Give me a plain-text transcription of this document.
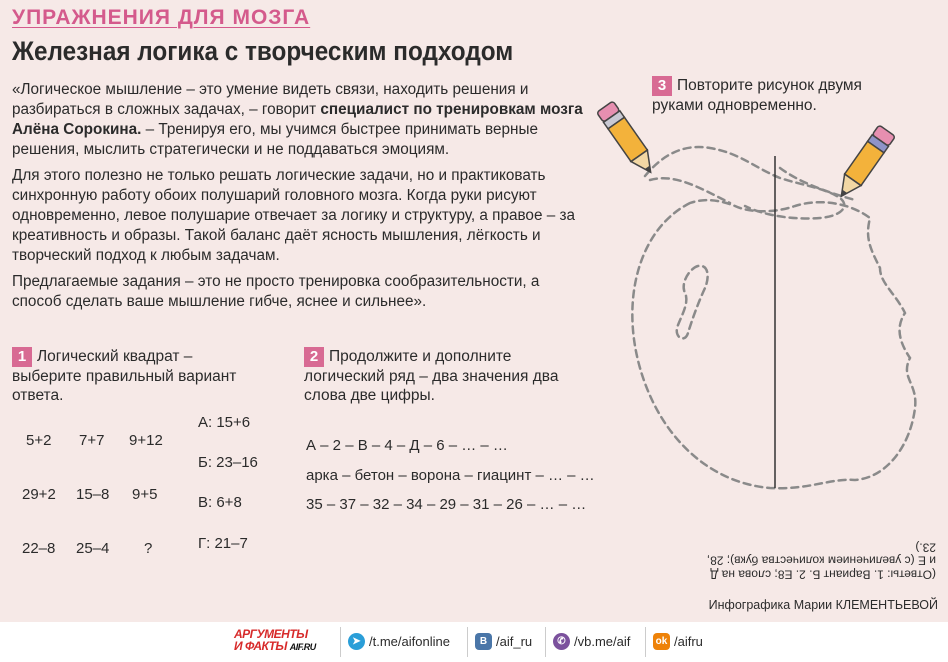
УПРАЖНЕНИЯ ДЛЯ МОЗГА
Железная логика с творческим подходом

«Логическое мышление – это умение видеть связи, находить решения и разбираться в сложных задачах, – говорит специалист по тренировкам мозга Алёна Сорокина. – Тренируя его, мы учимся быстрее принимать верные решения, мыслить стратегически и не поддаваться эмоциям.

Для этого полезно не только решать логические задачи, но и практиковать синхронную работу обоих полушарий головного мозга. Когда руки рисуют одновременно, левое полушарие отвечает за логику и структуру, а правое – за креативность и образы. Такой баланс даёт ясность мышления, лёгкость и творческий подход к любым задачам.

Предлагаемые задания – это не просто тренировка сообразительности, а способ сделать ваше мышление гибче, яснее и сильнее».

1 Логический квадрат – выберите правильный вариант ответа.
5+2 7+7 9+12
29+2 15–8 9+5
22–8 25–4 ?
А: 15+6
Б: 23–16
В: 6+8
Г: 21–7
2 Продолжите и дополните логический ряд – два значения два слова две цифры.
А – 2 – В – 4 – Д – 6 – … – …
арка – бетон – ворона – гиацинт – … – …
35 – 37 – 32 – 34 – 29 – 31 – 26 – … – …
3 Повторите рисунок двумя руками одновременно.
(Ответы: 1. Вариант Б. 2. Е8; слова на Д и Е (с увеличением количества букв); 28, 23.)
Инфографика Марии КЛЕМЕНТЬЕВОЙ
АРГУМЕНТЫ
И ФАКТЫ AIF.RU
➤ /t.me/aifonline	В /aif_ru	✆ /vb.me/aif	ok /aifru
